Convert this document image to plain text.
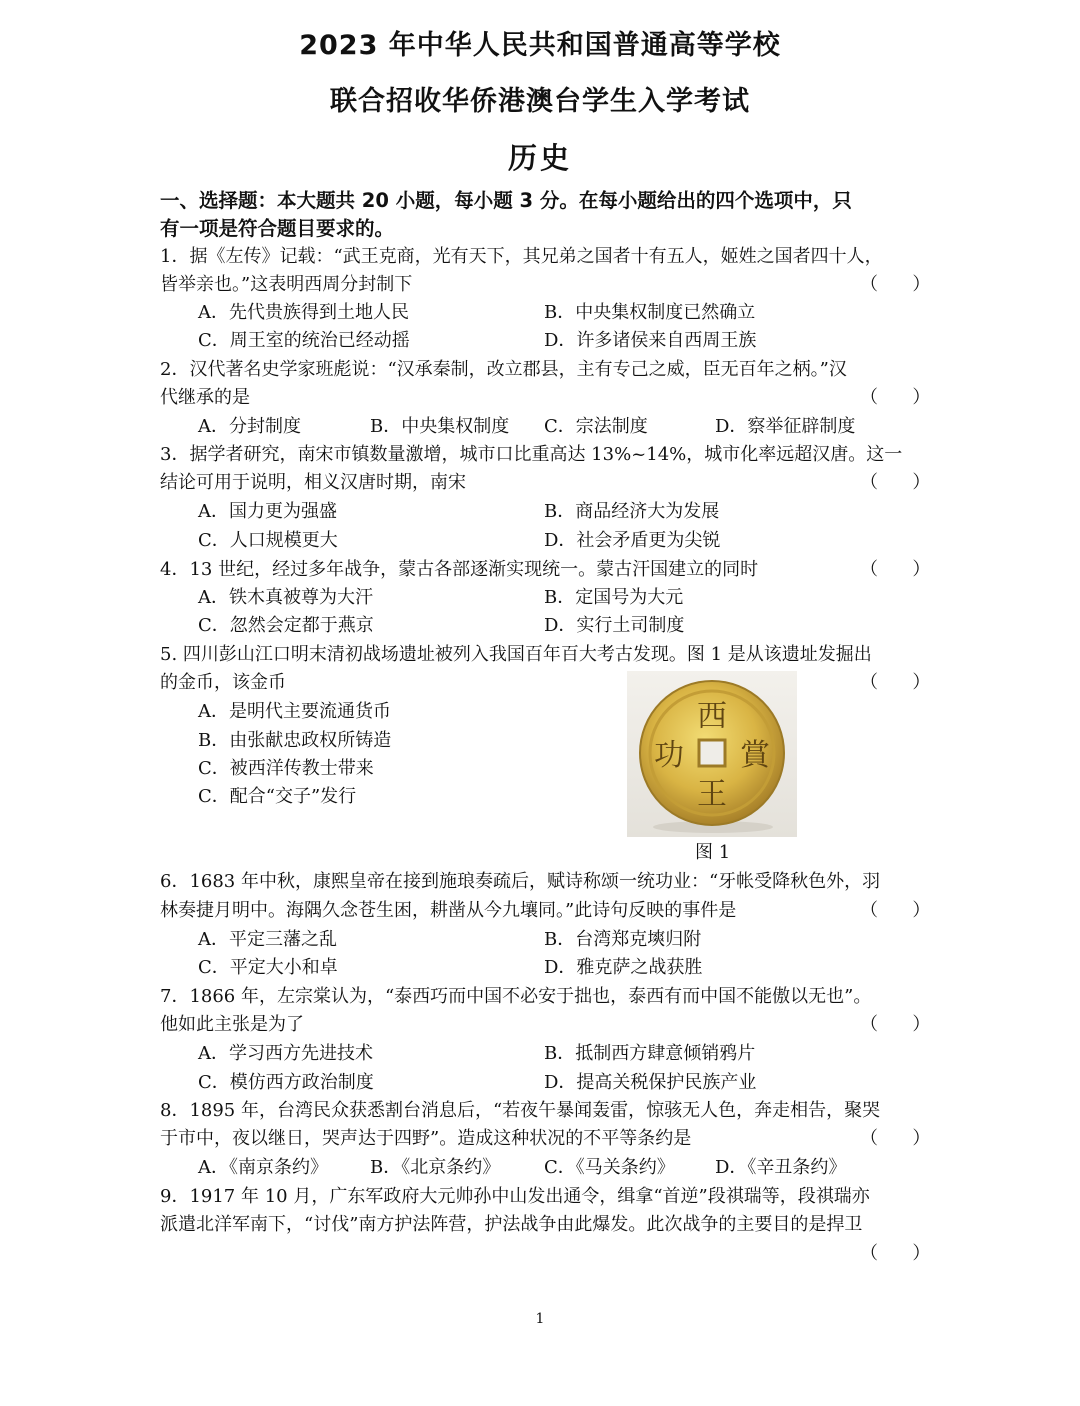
2023 年中华人民共和国普通高等学校
联合招收华侨港澳台学生入学考试
历史
一、选择题：本大题共 20 小题，每小题 3 分。在每小题给出的四个选项中，只
有一项是符合题目要求的。
1．据《左传》记载：“武王克商，光有天下，其兄弟之国者十有五人，姬姓之国者四十人，
皆举亲也。”这表明西周分封制下	（      ）
A．先代贵族得到土地人民	B．中央集权制度已然确立
C．周王室的统治已经动摇	D．许多诸侯来自西周王族
2．汉代著名史学家班彪说：“汉承秦制，改立郡县，主有专己之威，臣无百年之柄。”汉
代继承的是	（      ）
A．分封制度	B．中央集权制度 C．宗法制度	D．察举征辟制度
3．据学者研究，南宋市镇数量激增，城市口比重高达 13%~14%，城市化率远超汉唐。这一
结论可用于说明，相义汉唐时期，南宋	（      ）
A．国力更为强盛	B．商品经济大为发展
C．人口规模更大	D．社会矛盾更为尖锐
4．13 世纪，经过多年战争，蒙古各部逐渐实现统一。蒙古汗国建立的同时	（      ）
A．铁木真被尊为大汗	B．定国号为大元
C．忽然会定都于燕京	D．实行土司制度
5. 四川彭山江口明末清初战场遗址被列入我国百年百大考古发现。图 1 是从该遗址发掘出
的金币，该金币	（      ）
A．是明代主要流通货币
B．由张献忠政权所铸造
C．被西洋传教士带来
C．配合“交子”发行
西
王
賞
功
图 1
6．1683 年中秋，康熙皇帝在接到施琅奏疏后，赋诗称颂一统功业：“牙帐受降秋色外，羽
林奏捷月明中。海隅久念苍生困，耕凿从今九壤同。”此诗句反映的事件是	（      ）
A．平定三藩之乱	B．台湾郑克塽归附
C．平定大小和卓	D．雅克萨之战获胜
7．1866 年，左宗棠认为，“泰西巧而中国不必安于拙也，泰西有而中国不能傲以无也”。
他如此主张是为了	（      ）
A．学习西方先进技术	B．抵制西方肆意倾销鸦片
C．模仿西方政治制度	D．提高关税保护民族产业
8．1895 年，台湾民众获悉割台消息后，“若夜午暴闻轰雷，惊骇无人色，奔走相告，聚哭
于市中，夜以继日，哭声达于四野”。造成这种状况的不平等条约是	（      ）
A．《南京条约》 B．《北京条约》 C．《马关条约》 D．《辛丑条约》
9．1917 年 10 月，广东军政府大元帅孙中山发出通令，缉拿“首逆”段祺瑞等，段祺瑞亦
派遣北洋军南下，“讨伐”南方护法阵营，护法战争由此爆发。此次战争的主要目的是捍卫
（      ）
1
